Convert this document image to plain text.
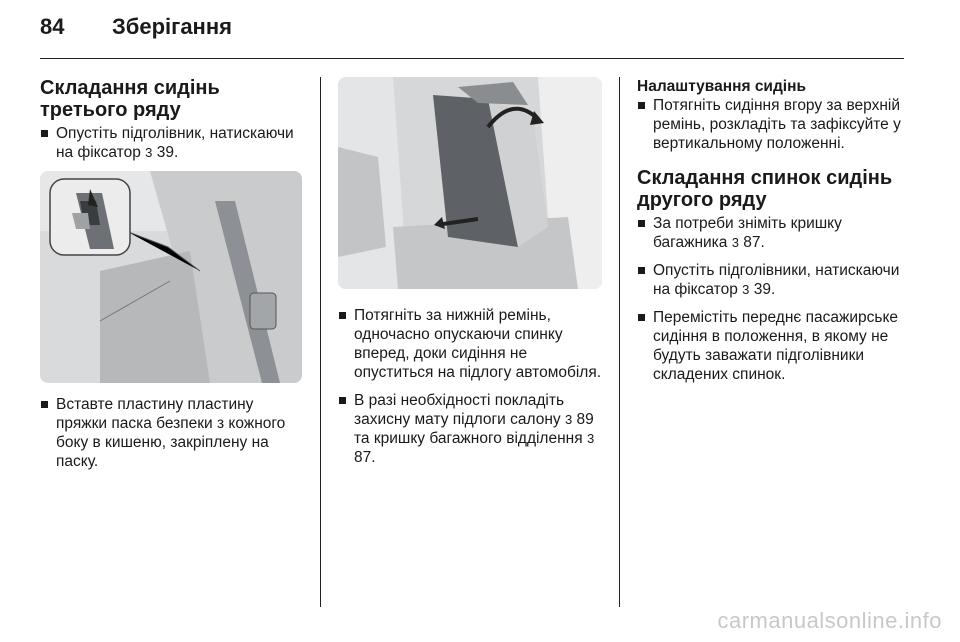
84 Зберігання
Складання сидінь третього ряду
Опустіть підголівник, натискаючи на фіксатор 3 39.
Вставте пластину пластину пряжки паска безпеки з кожного боку в кишеню, закріплену на паску.
Потягніть за нижній ремінь, одночасно опускаючи спинку вперед, доки сидіння не опуститься на підлогу автомобіля.
В разі необхідності покладіть захисну мату підлоги салону 3 89 та кришку багажного відділення 3 87.
Налаштування сидінь
Потягніть сидіння вгору за верхній ремінь, розкладіть та зафіксуйте у вертикальному положенні.
Складання спинок сидінь другого ряду
За потреби зніміть кришку багажника 3 87.
Опустіть підголівники, натискаючи на фіксатор 3 39.
Перемістіть переднє пасажирське сидіння в положення, в якому не будуть заважати підголівники складених спинок.
carmanualsonline.info
